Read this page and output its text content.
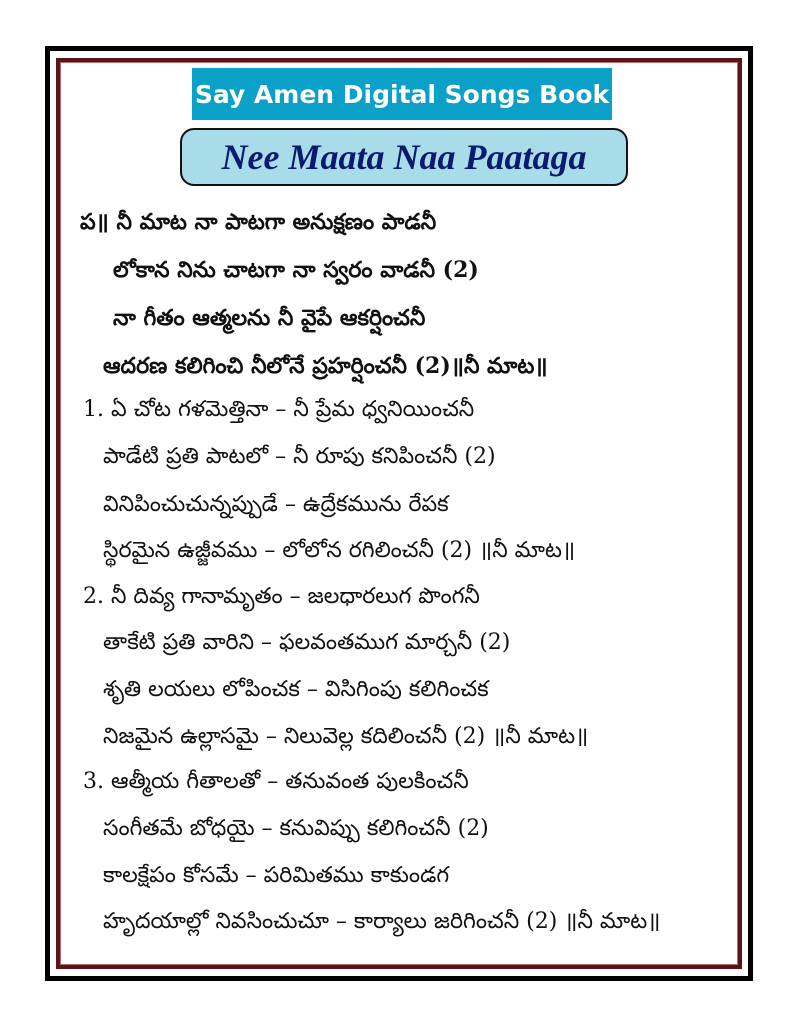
Say Amen Digital Songs Book
Nee Maata Naa Paataga
ప॥ నీ మాట నా పాటగా అనుక్షణం పాడనీ
లోకాన నిను చాటగా నా స్వరం వాడనీ (2)
నా గీతం ఆత్మలను నీ వైపే ఆకర్షించనీ
ఆదరణ కలిగించి నీలోనే ప్రహర్షించనీ (2)॥నీ మాట॥
1. ఏ చోట గళమెత్తినా – నీ ప్రేమ ధ్వనియించనీ
పాడేటి ప్రతి పాటలో – నీ రూపు కనిపించనీ (2)
వినిపించుచున్నప్పుడే – ఉద్రేకమును రేపక
స్థిరమైన ఉజ్జీవము – లోలోన రగిలించనీ (2) ॥నీ మాట॥
2. నీ దివ్య గానామృతం – జలధారలుగ పొంగనీ
తాకేటి ప్రతి వారిని – ఫలవంతముగ మార్చనీ (2)
శృతి లయలు లోపించక – విసిగింపు కలిగించక
నిజమైన ఉల్లాసమై – నిలువెల్ల కదిలించనీ (2) ॥నీ మాట॥
3. ఆత్మీయ గీతాలతో – తనువంత పులకించనీ
సంగీతమే బోధయై – కనువిప్పు కలిగించనీ (2)
కాలక్షేపం కోసమే – పరిమితము కాకుండగ
హృదయాల్లో నివసించుచూ – కార్యాలు జరిగించనీ (2) ॥నీ మాట॥
